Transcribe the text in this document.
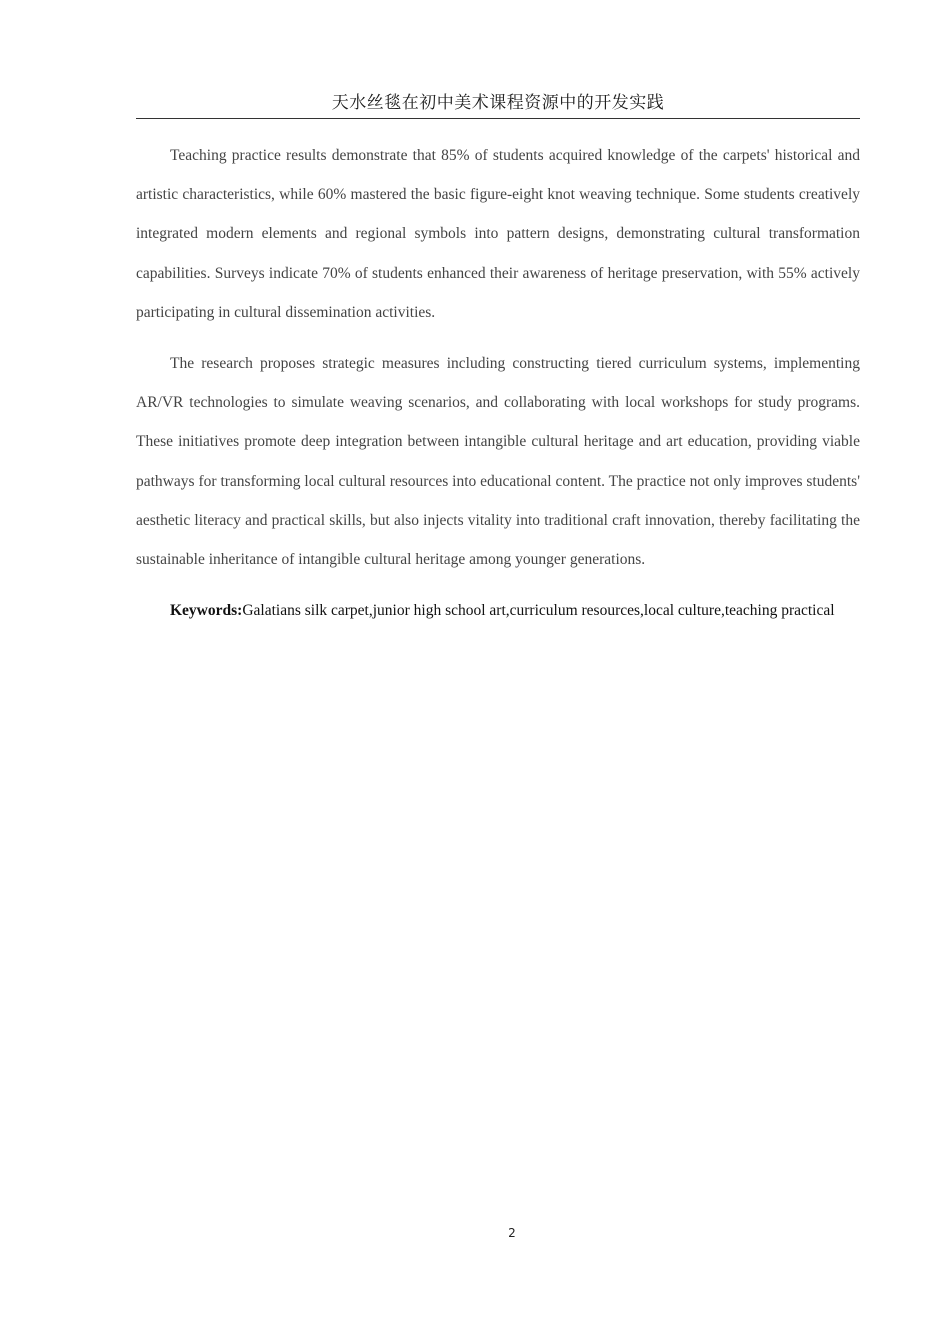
天水丝毯在初中美术课程资源中的开发实践

Teaching practice results demonstrate that 85% of students acquired knowledge of the carpets' historical and artistic characteristics, while 60% mastered the basic figure-eight knot weaving technique. Some students creatively integrated modern elements and regional symbols into pattern designs, demonstrating cultural transformation capabilities. Surveys indicate 70% of students enhanced their awareness of heritage preservation, with 55% actively participating in cultural dissemination activities.

The research proposes strategic measures including constructing tiered curriculum systems, implementing AR/VR technologies to simulate weaving scenarios, and collaborating with local workshops for study programs. These initiatives promote deep integration between intangible cultural heritage and art education, providing viable pathways for transforming local cultural resources into educational content. The practice not only improves students' aesthetic literacy and practical skills, but also injects vitality into traditional craft innovation, thereby facilitating the sustainable inheritance of intangible cultural heritage among younger generations.

Keywords:Galatians silk carpet,junior high school art,curriculum resources,local culture,teaching practical

2
